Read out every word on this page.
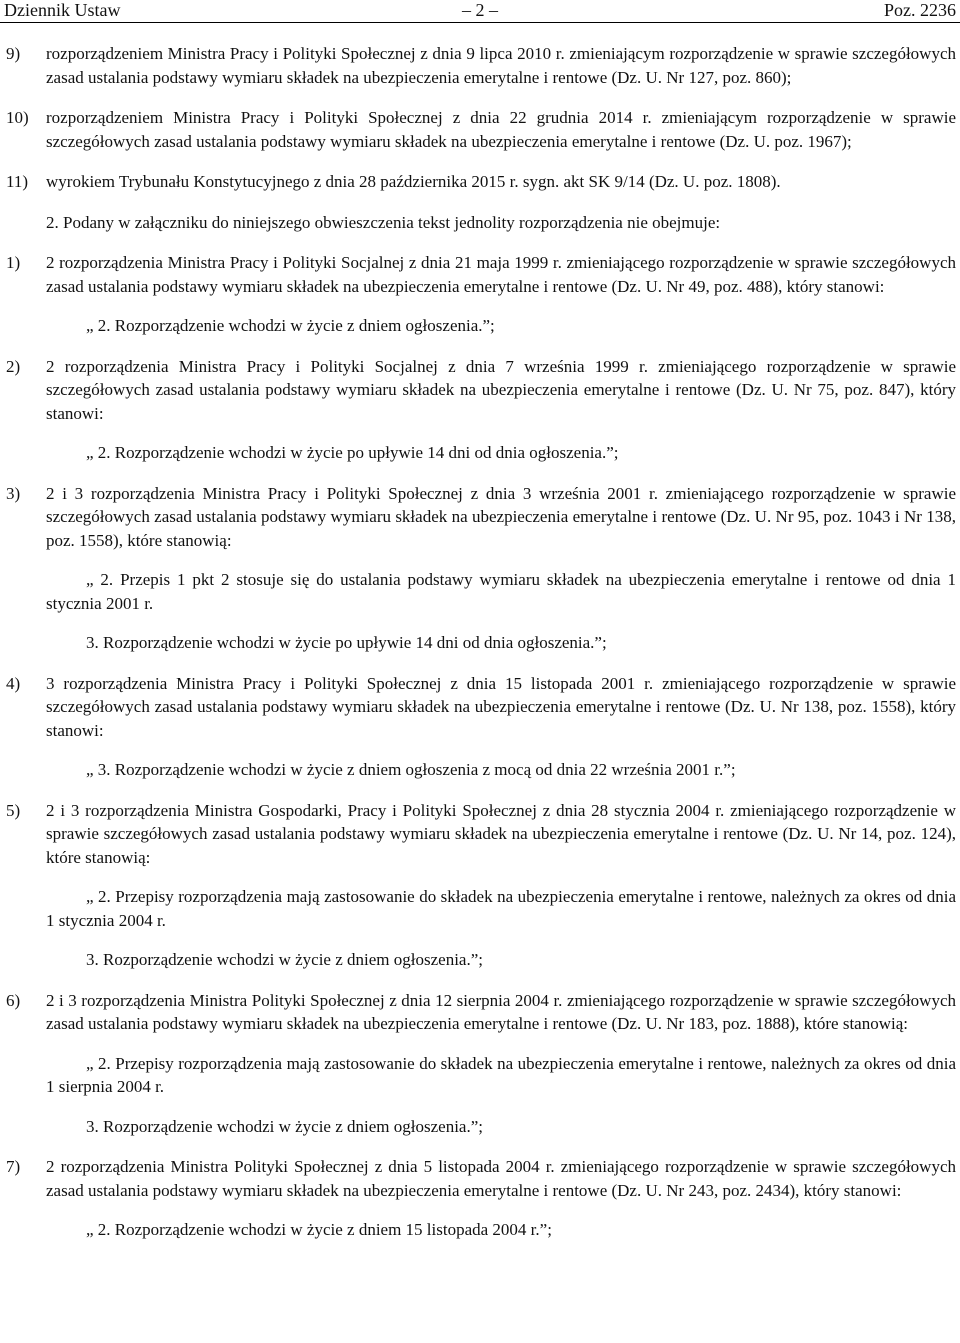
Dziennik Ustaw	– 2 –	Poz. 2236
9) rozporządzeniem Ministra Pracy i Polityki Społecznej z dnia 9 lipca 2010 r. zmieniającym rozporządzenie w sprawie szczegółowych zasad ustalania podstawy wymiaru składek na ubezpieczenia emerytalne i rentowe (Dz. U. Nr 127, poz. 860);
10) rozporządzeniem Ministra Pracy i Polityki Społecznej z dnia 22 grudnia 2014 r. zmieniającym rozporządzenie w sprawie szczegółowych zasad ustalania podstawy wymiaru składek na ubezpieczenia emerytalne i rentowe (Dz. U. poz. 1967);
11) wyrokiem Trybunału Konstytucyjnego z dnia 28 października 2015 r. sygn. akt SK 9/14 (Dz. U. poz. 1808).
2. Podany w załączniku do niniejszego obwieszczenia tekst jednolity rozporządzenia nie obejmuje:
1) 2 rozporządzenia Ministra Pracy i Polityki Socjalnej z dnia 21 maja 1999 r. zmieniającego rozporządzenie w sprawie szczegółowych zasad ustalania podstawy wymiaru składek na ubezpieczenia emerytalne i rentowe (Dz. U. Nr 49, poz. 488), który stanowi:
„ 2. Rozporządzenie wchodzi w życie z dniem ogłoszenia.”;
2) 2 rozporządzenia Ministra Pracy i Polityki Socjalnej z dnia 7 września 1999 r. zmieniającego rozporządzenie w sprawie szczegółowych zasad ustalania podstawy wymiaru składek na ubezpieczenia emerytalne i rentowe (Dz. U. Nr 75, poz. 847), który stanowi:
„ 2. Rozporządzenie wchodzi w życie po upływie 14 dni od dnia ogłoszenia.”;
3) 2 i 3 rozporządzenia Ministra Pracy i Polityki Społecznej z dnia 3 września 2001 r. zmieniającego rozporządzenie w sprawie szczegółowych zasad ustalania podstawy wymiaru składek na ubezpieczenia emerytalne i rentowe (Dz. U. Nr 95, poz. 1043 i Nr 138, poz. 1558), które stanowią:
„ 2. Przepis 1 pkt 2 stosuje się do ustalania podstawy wymiaru składek na ubezpieczenia emerytalne i rentowe od dnia 1 stycznia 2001 r.
3. Rozporządzenie wchodzi w życie po upływie 14 dni od dnia ogłoszenia.”;
4) 3 rozporządzenia Ministra Pracy i Polityki Społecznej z dnia 15 listopada 2001 r. zmieniającego rozporządzenie w sprawie szczegółowych zasad ustalania podstawy wymiaru składek na ubezpieczenia emerytalne i rentowe (Dz. U. Nr 138, poz. 1558), który stanowi:
„ 3. Rozporządzenie wchodzi w życie z dniem ogłoszenia z mocą od dnia 22 września 2001 r.”;
5) 2 i 3 rozporządzenia Ministra Gospodarki, Pracy i Polityki Społecznej z dnia 28 stycznia 2004 r. zmieniającego rozporządzenie w sprawie szczegółowych zasad ustalania podstawy wymiaru składek na ubezpieczenia emerytalne i rentowe (Dz. U. Nr 14, poz. 124), które stanowią:
„ 2. Przepisy rozporządzenia mają zastosowanie do składek na ubezpieczenia emerytalne i rentowe, należnych za okres od dnia 1 stycznia 2004 r.
3. Rozporządzenie wchodzi w życie z dniem ogłoszenia.”;
6) 2 i 3 rozporządzenia Ministra Polityki Społecznej z dnia 12 sierpnia 2004 r. zmieniającego rozporządzenie w sprawie szczegółowych zasad ustalania podstawy wymiaru składek na ubezpieczenia emerytalne i rentowe (Dz. U. Nr 183, poz. 1888), które stanowią:
„ 2. Przepisy rozporządzenia mają zastosowanie do składek na ubezpieczenia emerytalne i rentowe, należnych za okres od dnia 1 sierpnia 2004 r.
3. Rozporządzenie wchodzi w życie z dniem ogłoszenia.”;
7) 2 rozporządzenia Ministra Polityki Społecznej z dnia 5 listopada 2004 r. zmieniającego rozporządzenie w sprawie szczegółowych zasad ustalania podstawy wymiaru składek na ubezpieczenia emerytalne i rentowe (Dz. U. Nr 243, poz. 2434), który stanowi:
„ 2. Rozporządzenie wchodzi w życie z dniem 15 listopada 2004 r.”;
